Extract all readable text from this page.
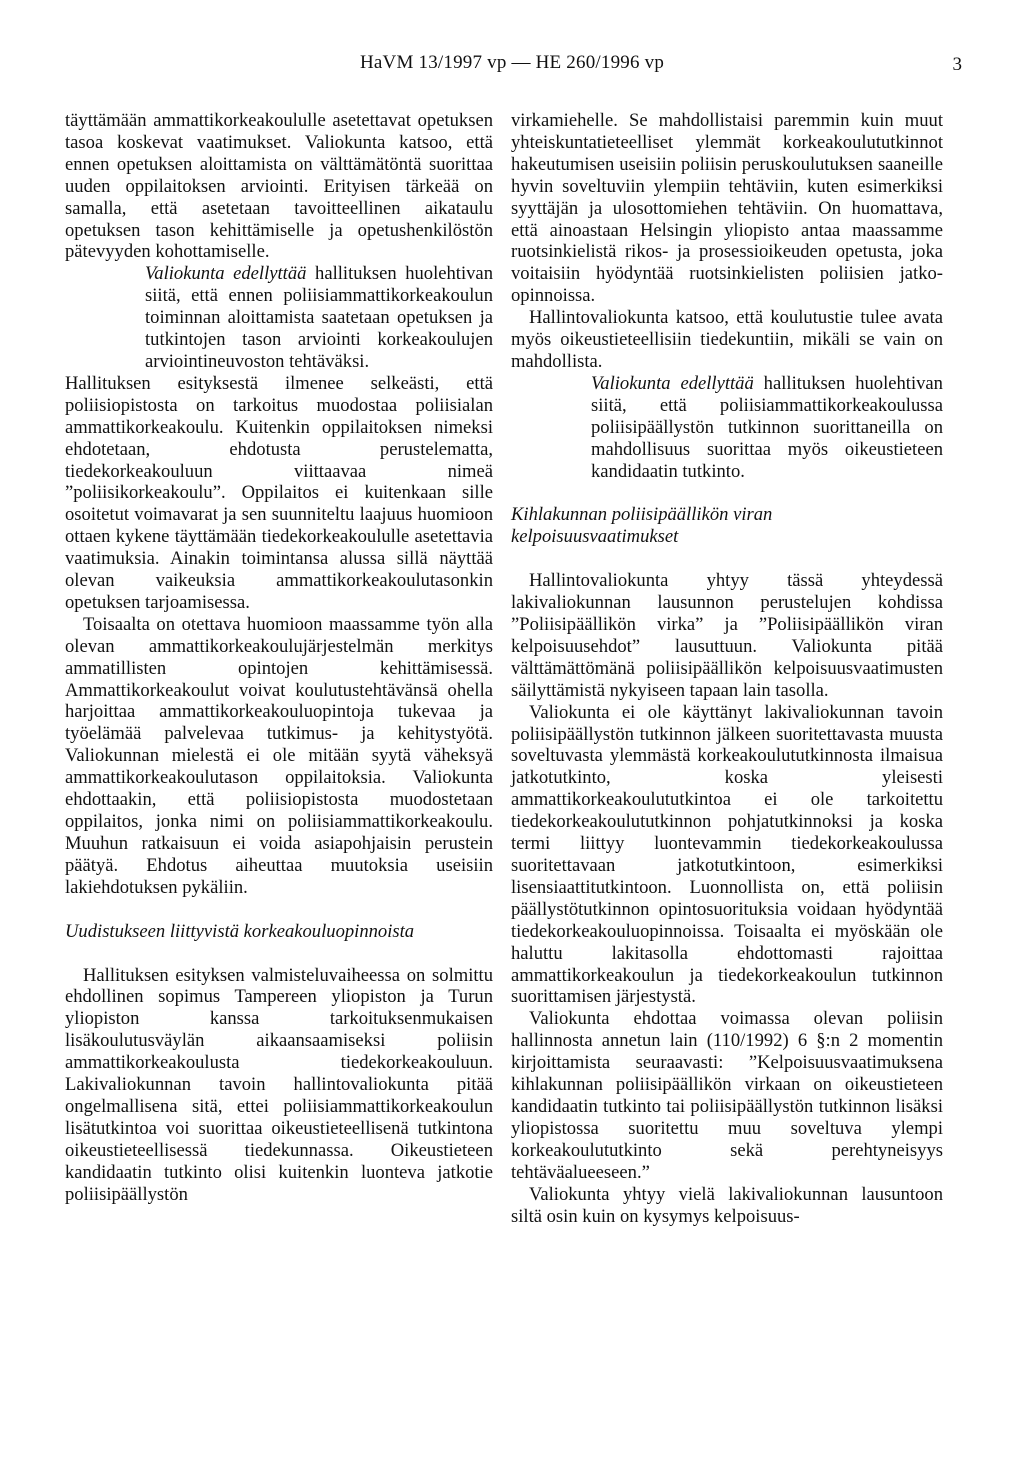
HaVM 13/1997 vp — HE 260/1996 vp	3

täyttämään ammattikorkeakoululle asetettavat opetuksen tasoa koskevat vaatimukset. Valiokunta katsoo, että ennen opetuksen aloittamista on välttämätöntä suorittaa uuden oppilaitoksen arviointi. Erityisen tärkeää on samalla, että asetetaan tavoitteellinen aikataulu opetuksen tason kehittämiselle ja opetushenkilöstön pätevyyden kohottamiselle.

Valiokunta edellyttää hallituksen huolehtivan siitä, että ennen poliisiammattikorkeakoulun toiminnan aloittamista saatetaan opetuksen ja tutkintojen tason arviointi korkeakoulujen arviointineuvoston tehtäväksi.

Hallituksen esityksestä ilmenee selkeästi, että poliisiopistosta on tarkoitus muodostaa poliisialan ammattikorkeakoulu. Kuitenkin oppilaitoksen nimeksi ehdotetaan, ehdotusta perustelematta, tiedekorkeakouluun viittaavaa nimeä ”poliisikorkeakoulu”. Oppilaitos ei kuitenkaan sille osoitetut voimavarat ja sen suunniteltu laajuus huomioon ottaen kykene täyttämään tiedekorkeakoululle asetettavia vaatimuksia. Ainakin toimintansa alussa sillä näyttää olevan vaikeuksia ammattikorkeakoulutasonkin opetuksen tarjoamisessa.

Toisaalta on otettava huomioon maassamme työn alla olevan ammattikorkeakoulujärjestelmän merkitys ammatillisten opintojen kehittämisessä. Ammattikorkeakoulut voivat koulutustehtävänsä ohella harjoittaa ammattikorkeakouluopintoja tukevaa ja työelämää palvelevaa tutkimus- ja kehitystyötä. Valiokunnan mielestä ei ole mitään syytä väheksyä ammattikorkeakoulutason oppilaitoksia. Valiokunta ehdottaakin, että poliisiopistosta muodostetaan oppilaitos, jonka nimi on poliisiammattikorkeakoulu. Muuhun ratkaisuun ei voida asiapohjaisin perustein päätyä. Ehdotus aiheuttaa muutoksia useisiin lakiehdotuksen pykäliin.

Uudistukseen liittyvistä korkeakouluopinnoista

Hallituksen esityksen valmisteluvaiheessa on solmittu ehdollinen sopimus Tampereen yliopiston ja Turun yliopiston kanssa tarkoituksenmukaisen lisäkoulutusväylän aikaansaamiseksi poliisin ammattikorkeakoulusta tiedekorkeakouluun. Lakivaliokunnan tavoin hallintovaliokunta pitää ongelmallisena sitä, ettei poliisiammattikorkeakoulun lisätutkintoa voi suorittaa oikeustieteellisenä tutkintona oikeustieteellisessä tiedekunnassa. Oikeustieteen kandidaatin tutkinto olisi kuitenkin luonteva jatkotie poliisipäällystön

virkamiehelle. Se mahdollistaisi paremmin kuin muut yhteiskuntatieteelliset ylemmät korkeakoulututkinnot hakeutumisen useisiin poliisin peruskoulutuksen saaneille hyvin soveltuviin ylempiin tehtäviin, kuten esimerkiksi syyttäjän ja ulosottomiehen tehtäviin. On huomattava, että ainoastaan Helsingin yliopisto antaa maassamme ruotsinkielistä rikos- ja prosessioikeuden opetusta, joka voitaisiin hyödyntää ruotsinkielisten poliisien jatko-opinnoissa.

Hallintovaliokunta katsoo, että koulutustie tulee avata myös oikeustieteellisiin tiedekuntiin, mikäli se vain on mahdollista.

Valiokunta edellyttää hallituksen huolehtivan siitä, että poliisiammattikorkeakoulussa poliisipäällystön tutkinnon suorittaneilla on mahdollisuus suorittaa myös oikeustieteen kandidaatin tutkinto.

Kihlakunnan poliisipäällikön viran kelpoisuusvaatimukset

Hallintovaliokunta yhtyy tässä yhteydessä lakivaliokunnan lausunnon perustelujen kohdissa ”Poliisipäällikön virka” ja ”Poliisipäällikön viran kelpoisuusehdot” lausuttuun. Valiokunta pitää välttämättömänä poliisipäällikön kelpoisuusvaatimusten säilyttämistä nykyiseen tapaan lain tasolla.

Valiokunta ei ole käyttänyt lakivaliokunnan tavoin poliisipäällystön tutkinnon jälkeen suoritettavasta muusta soveltuvasta ylemmästä korkeakoulututkinnosta ilmaisua jatkotutkinto, koska yleisesti ammattikorkeakoulututkintoa ei ole tarkoitettu tiedekorkeakoulututkinnon pohjatutkinnoksi ja koska termi liittyy luontevammin tiedekorkeakoulussa suoritettavaan jatkotutkintoon, esimerkiksi lisensiaattitutkintoon. Luonnollista on, että poliisin päällystötutkinnon opintosuorituksia voidaan hyödyntää tiedekorkeakouluopinnoissa. Toisaalta ei myöskään ole haluttu lakitasolla ehdottomasti rajoittaa ammattikorkeakoulun ja tiedekorkeakoulun tutkinnon suorittamisen järjestystä.

Valiokunta ehdottaa voimassa olevan poliisin hallinnosta annetun lain (110/1992) 6 §:n 2 momentin kirjoittamista seuraavasti: ”Kelpoisuusvaatimuksena kihlakunnan poliisipäällikön virkaan on oikeustieteen kandidaatin tutkinto tai poliisipäällystön tutkinnon lisäksi yliopistossa suoritettu muu soveltuva ylempi korkeakoulututkinto sekä perehtyneisyys tehtäväalueeseen.”

Valiokunta yhtyy vielä lakivaliokunnan lausuntoon siltä osin kuin on kysymys kelpoisuus-
